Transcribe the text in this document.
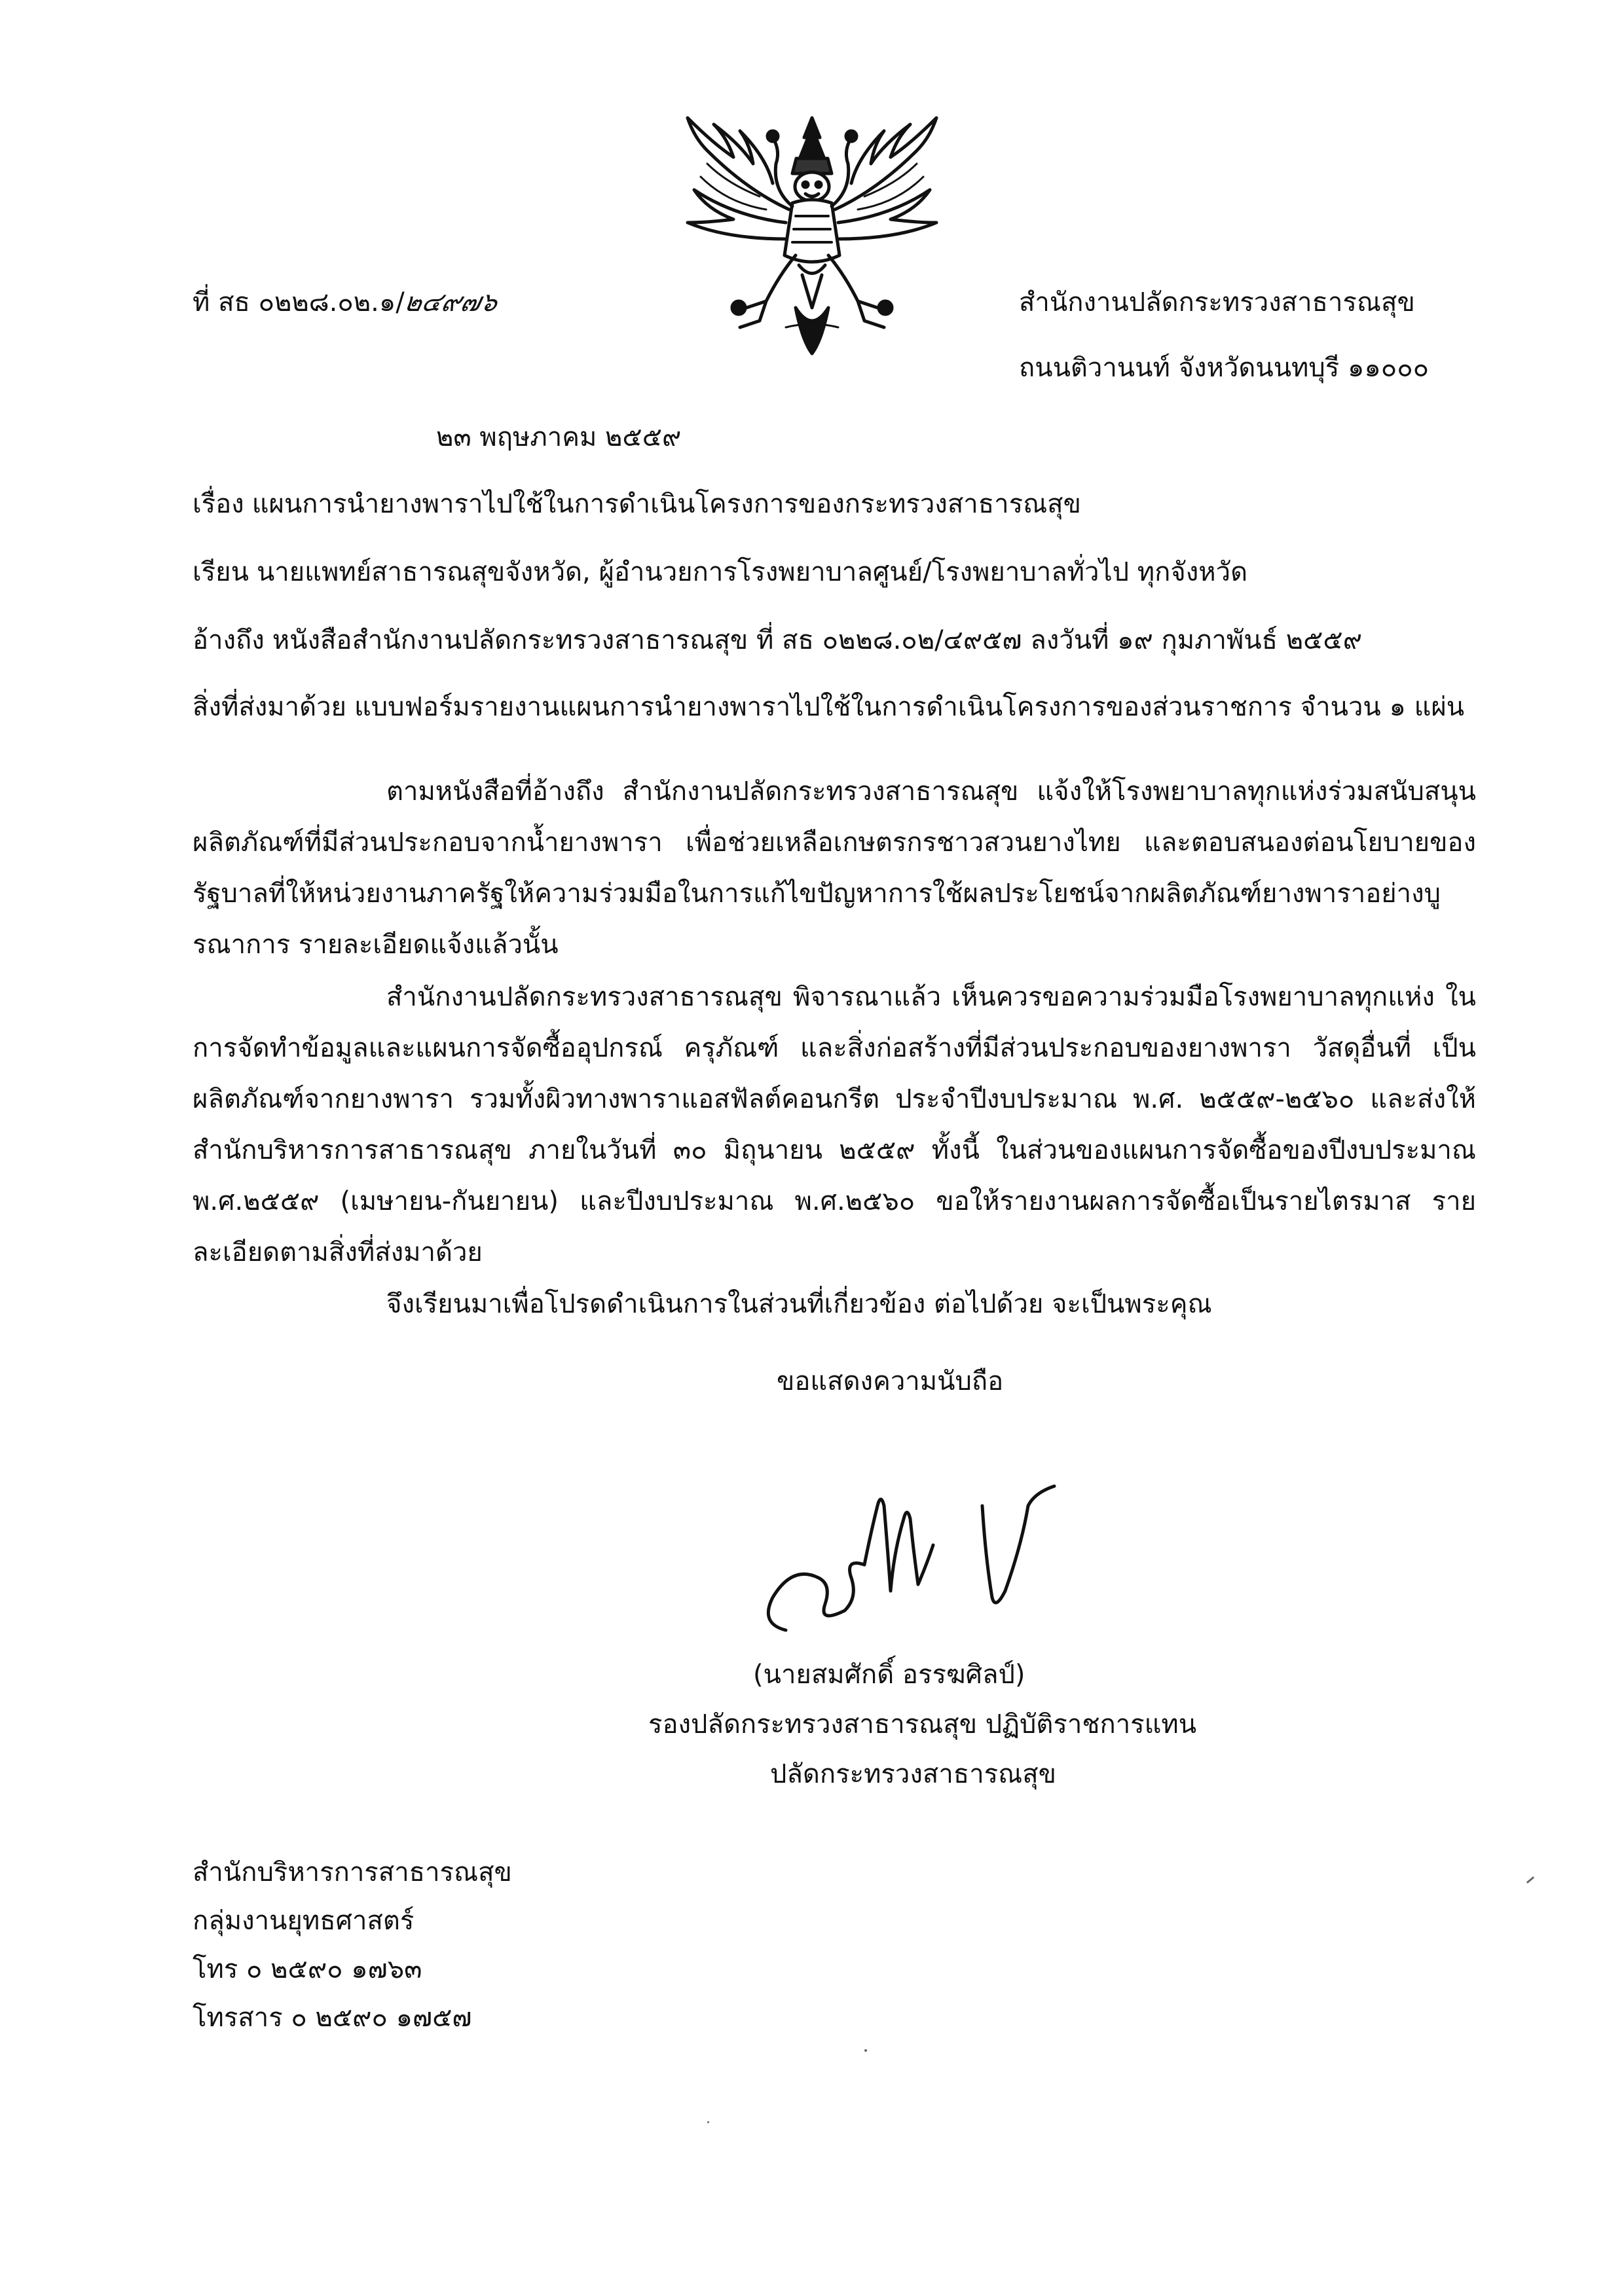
ที่ สธ ๐๒๒๘.๐๒.๑/๒๔๙๗๖	สำนักงานปลัดกระทรวงสาธารณสุข
ถนนติวานนท์ จังหวัดนนทบุรี ๑๑๐๐๐
๒๓ พฤษภาคม ๒๕๕๙
เรื่อง แผนการนำยางพาราไปใช้ในการดำเนินโครงการของกระทรวงสาธารณสุข
เรียน นายแพทย์สาธารณสุขจังหวัด, ผู้อำนวยการโรงพยาบาลศูนย์/โรงพยาบาลทั่วไป ทุกจังหวัด
อ้างถึง หนังสือสำนักงานปลัดกระทรวงสาธารณสุข ที่ สธ ๐๒๒๘.๐๒/๔๙๕๗ ลงวันที่ ๑๙ กุมภาพันธ์ ๒๕๕๙
สิ่งที่ส่งมาด้วย แบบฟอร์มรายงานแผนการนำยางพาราไปใช้ในการดำเนินโครงการของส่วนราชการ จำนวน ๑ แผ่น
ตามหนังสือที่อ้างถึง สำนักงานปลัดกระทรวงสาธารณสุข แจ้งให้โรงพยาบาลทุกแห่งร่วมสนับสนุน ผลิตภัณฑ์ที่มีส่วนประกอบจากน้ำยางพารา เพื่อช่วยเหลือเกษตรกรชาวสวนยางไทย และตอบสนองต่อนโยบายของ รัฐบาลที่ให้หน่วยงานภาครัฐให้ความร่วมมือในการแก้ไขปัญหาการใช้ผลประโยชน์จากผลิตภัณฑ์ยางพาราอย่างบูรณาการ รายละเอียดแจ้งแล้วนั้น
สำนักงานปลัดกระทรวงสาธารณสุข พิจารณาแล้ว เห็นควรขอความร่วมมือโรงพยาบาลทุกแห่ง ในการจัดทำข้อมูลและแผนการจัดซื้ออุปกรณ์ ครุภัณฑ์ และสิ่งก่อสร้างที่มีส่วนประกอบของยางพารา วัสดุอื่นที่ เป็นผลิตภัณฑ์จากยางพารา รวมทั้งผิวทางพาราแอสฟัลต์คอนกรีต ประจำปีงบประมาณ พ.ศ. ๒๕๕๙-๒๕๖๐ และส่งให้ สำนักบริหารการสาธารณสุข ภายในวันที่ ๓๐ มิถุนายน ๒๕๕๙ ทั้งนี้ ในส่วนของแผนการจัดซื้อของปีงบประมาณ พ.ศ.๒๕๕๙ (เมษายน-กันยายน) และปีงบประมาณ พ.ศ.๒๕๖๐ ขอให้รายงานผลการจัดซื้อเป็นรายไตรมาส รายละเอียดตามสิ่งที่ส่งมาด้วย
จึงเรียนมาเพื่อโปรดดำเนินการในส่วนที่เกี่ยวข้อง ต่อไปด้วย จะเป็นพระคุณ
ขอแสดงความนับถือ
(นายสมศักดิ์ อรรฆศิลป์)
รองปลัดกระทรวงสาธารณสุข ปฏิบัติราชการแทน
ปลัดกระทรวงสาธารณสุข
สำนักบริหารการสาธารณสุข
กลุ่มงานยุทธศาสตร์
โทร ๐ ๒๕๙๐ ๑๗๖๓
โทรสาร ๐ ๒๕๙๐ ๑๗๕๗
